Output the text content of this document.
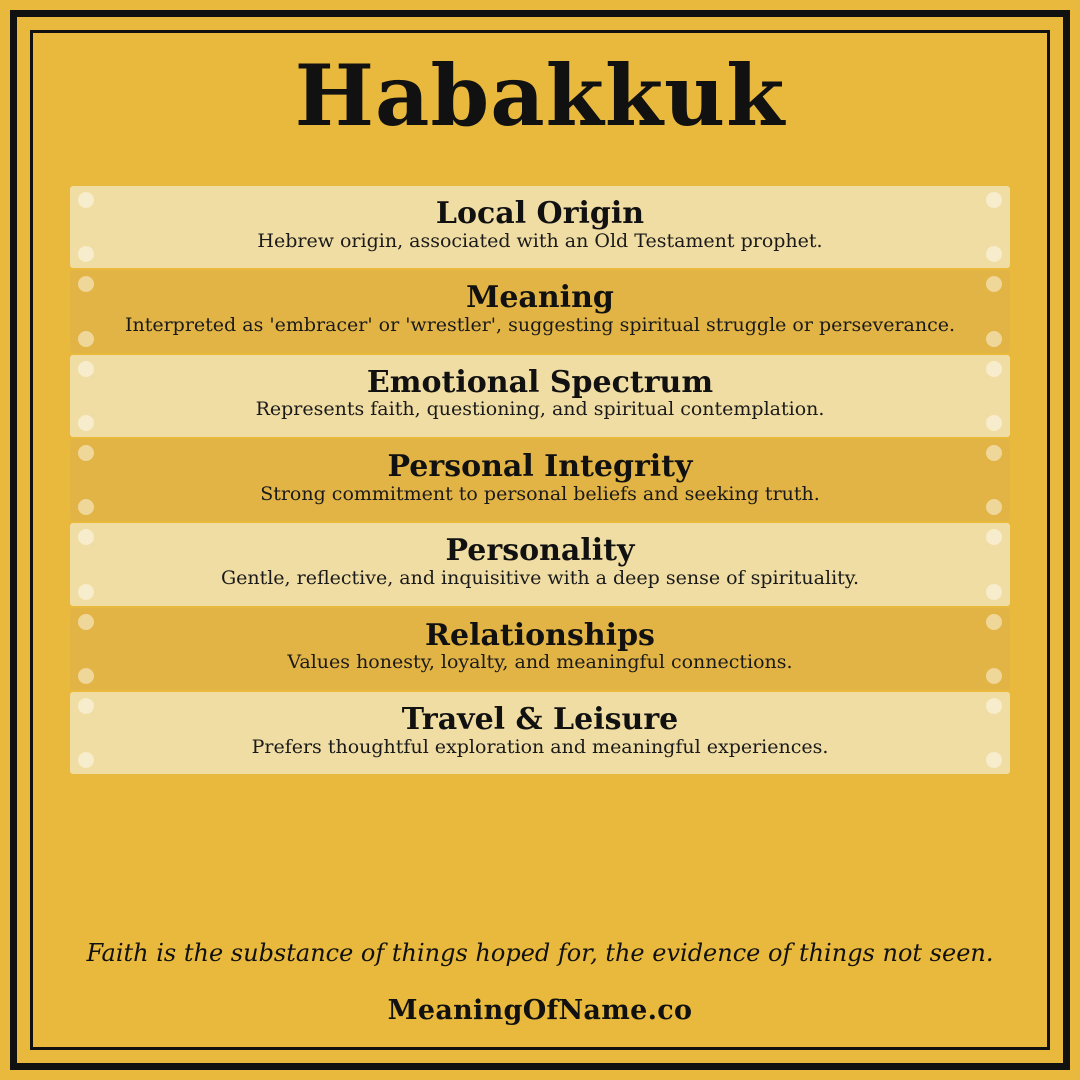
Habakkuk
Local Origin
Hebrew origin, associated with an Old Testament prophet.
Meaning
Interpreted as 'embracer' or 'wrestler', suggesting spiritual struggle or perseverance.
Emotional Spectrum
Represents faith, questioning, and spiritual contemplation.
Personal Integrity
Strong commitment to personal beliefs and seeking truth.
Personality
Gentle, reflective, and inquisitive with a deep sense of spirituality.
Relationships
Values honesty, loyalty, and meaningful connections.
Travel & Leisure
Prefers thoughtful exploration and meaningful experiences.
Faith is the substance of things hoped for, the evidence of things not seen.
MeaningOfName.co
